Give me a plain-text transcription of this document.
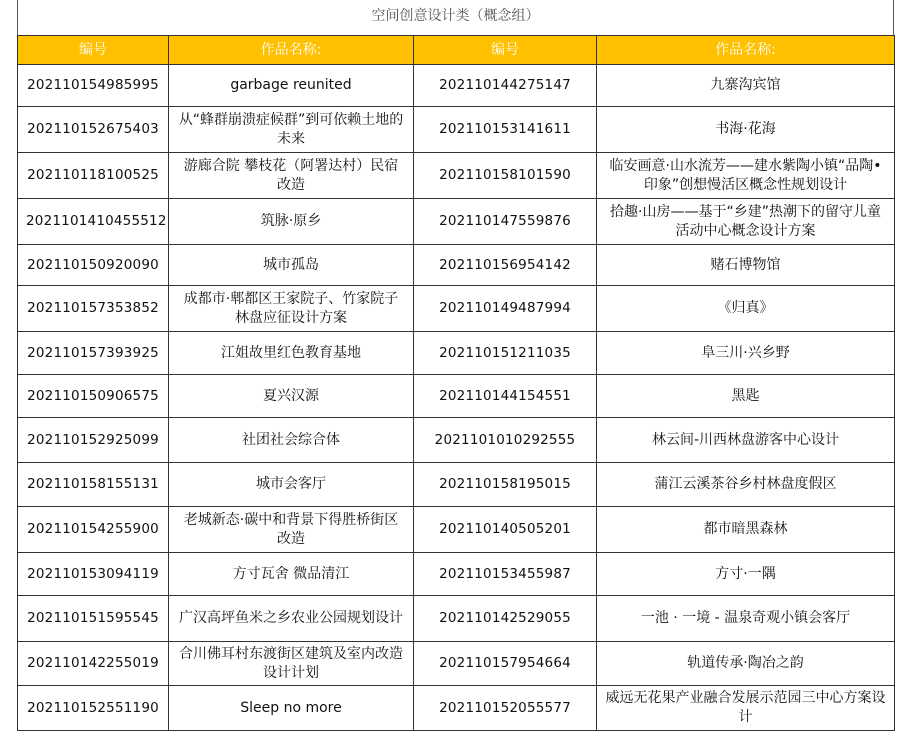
空间创意设计类（概念组）
编号	作品名称:	编号	作品名称:
202110154985995	garbage reunited	202110144275147	九寨沟宾馆
202110152675403	从“蜂群崩溃症候群”到可依赖土地的未来	202110153141611	书海·花海
202110118100525	游廊合院 攀枝花（阿署达村）民宿改造	202110158101590	临安画意·山水流芳——建水紫陶小镇“品陶•印象”创想慢活区概念性规划设计
2021101410455512	筑脉·原乡	202110147559876	拾趣·山房——基于“乡建”热潮下的留守儿童活动中心概念设计方案
202110150920090	城市孤岛	202110156954142	赌石博物馆
202110157353852	成都市·郫都区王家院子、竹家院子林盘应征设计方案	202110149487994	《归真》
202110157393925	江姐故里红色教育基地	202110151211035	阜三川·兴乡野
202110150906575	夏兴汉源	202110144154551	黑匙
202110152925099	社团社会综合体	2021101010292555	林云间-川西林盘游客中心设计
202110158155131	城市会客厅	202110158195015	蒲江云溪茶谷乡村林盘度假区
202110154255900	老城新态·碳中和背景下得胜桥街区改造	202110140505201	都市暗黑森林
202110153094119	方寸瓦舍 微品清江	202110153455987	方寸·一隅
202110151595545	广汉高坪鱼米之乡农业公园规划设计	202110142529055	一池 · 一境 - 温泉奇观小镇会客厅
202110142255019	合川佛耳村东渡街区建筑及室内改造设计计划	202110157954664	轨道传承·陶冶之韵
202110152551190	Sleep no more	202110152055577	威远无花果产业融合发展示范园三中心方案设计
